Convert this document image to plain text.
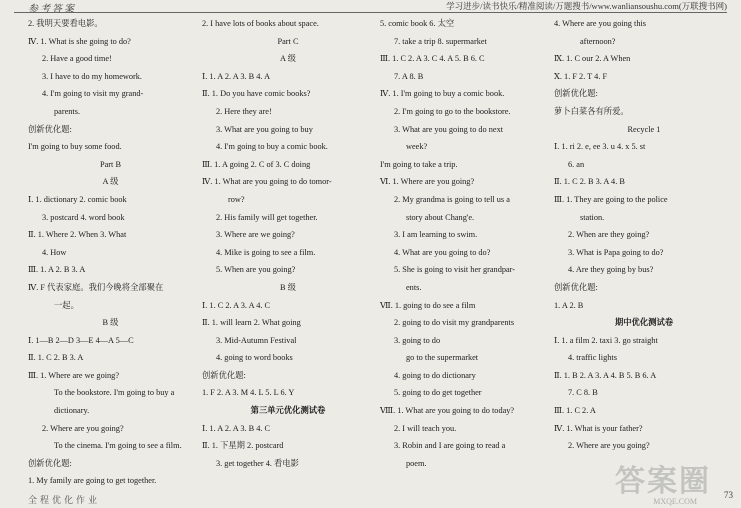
参考答案	学习进步/读书快乐/精准阅读/万题搜书/www.wanliansoushu.com(万联搜书网)
2. 我明天要看电影。
Ⅳ. 1. What is she going to do?
2. Have a good time!
3. I have to do my homework.
4. I'm going to visit my grand-
parents.
创新优化题:
I'm going to buy some food.
Part B
A 级
Ⅰ. 1. dictionary 2. comic book
3. postcard 4. word book
Ⅱ. 1. Where 2. When 3. What
4. How
Ⅲ. 1. A 2. B 3. A
Ⅳ. F 代表家庭。我们今晚将全部聚在
一起。
B 级
Ⅰ. 1—B 2—D 3—E 4—A 5—C
Ⅱ. 1. C 2. B 3. A
Ⅲ. 1. Where are we going?
To the bookstore. I'm going to buy a
dictionary.
2. Where are you going?
To the cinema. I'm going to see a film.
创新优化题:
1. My family are going to get together.
2. I have lots of books about space.
Part C
A 级
Ⅰ. 1. A 2. A 3. B 4. A
Ⅱ. 1. Do you have comic books?
2. Here they are!
3. What are you going to buy
4. I'm going to buy a comic book.
Ⅲ. 1. A going 2. C of 3. C doing
Ⅳ. 1. What are you going to do tomor-
row?
2. His family will get together.
3. Where are we going?
4. Mike is going to see a film.
5. When are you going?
B 级
Ⅰ. 1. C 2. A 3. A 4. C
Ⅱ. 1. will learn 2. What going
3. Mid-Autumn Festival
4. going to word books
创新优化题:
1. F 2. A 3. M 4. L 5. L 6. Y
第三单元优化测试卷
Ⅰ. 1. A 2. A 3. B 4. C
Ⅱ. 1. 下星期 2. postcard
3. get together 4. 看电影
5. comic book 6. 太空
7. take a trip 8. supermarket
Ⅲ. 1. C 2. A 3. C 4. A 5. B 6. C
7. A 8. B
Ⅳ. 1. I'm going to buy a comic book.
2. I'm going to go to the bookstore.
3. What are you going to do next
week?
I'm going to take a trip.
Ⅵ. 1. Where are you going?
2. My grandma is going to tell us a
story about Chang'e.
3. I am learning to swim.
4. What are you going to do?
5. She is going to visit her grandpar-
ents.
Ⅶ. 1. going to do see a film
2. going to do visit my grandparents
3. going to do
go to the supermarket
4. going to do dictionary
5. going to do get together
Ⅷ. 1. What are you going to do today?
2. I will teach you.
3. Robin and I are going to read a
poem.
4. Where are you going this
afternoon?
Ⅸ. 1. C our 2. A When
Ⅹ. 1. F 2. T 4. F
创新优化题:
萝卜白菜各有所爱。
Recycle 1
Ⅰ. 1. ri 2. e, ee 3. u 4. x 5. st
6. an
Ⅱ. 1. C 2. B 3. A 4. B
Ⅲ. 1. They are going to the police
station.
2. When are they going?
3. What is Papa going to do?
4. Are they going by bus?
创新优化题:
1. A 2. B
期中优化测试卷
Ⅰ. 1. a film 2. taxi 3. go straight
4. traffic lights
Ⅱ. 1. B 2. A 3. A 4. B 5. B 6. A
7. C 8. B
Ⅲ. 1. C 2. A
Ⅳ. 1. What is your father?
2. Where are you going?
全程优化作业
答案圈
MXQE.COM
73
